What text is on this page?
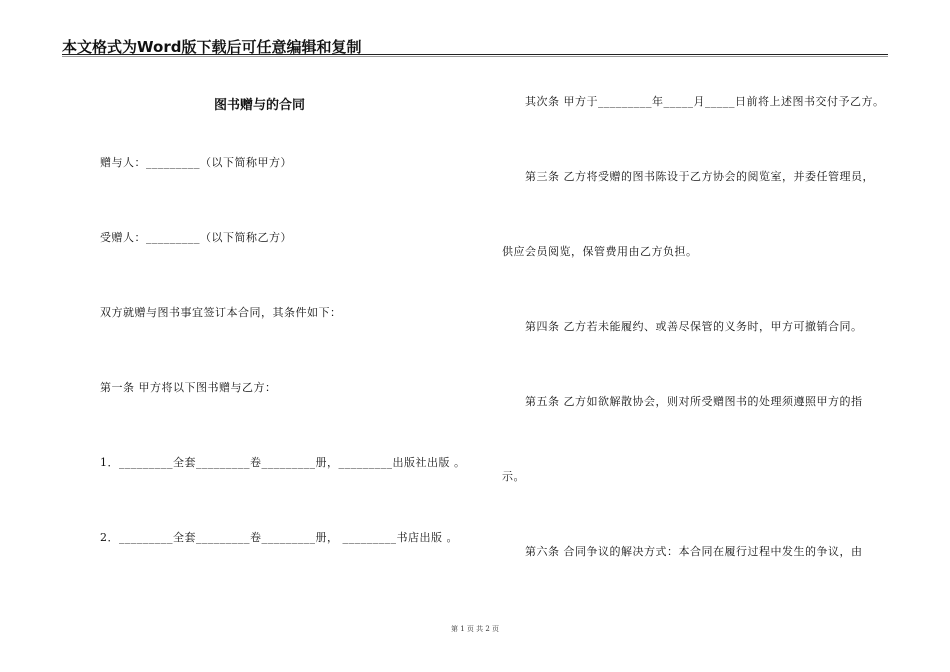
本文格式为Word版下载后可任意编辑和复制
图书赠与的合同
赠与人：_________（以下简称甲方）
受赠人：_________（以下简称乙方）
双方就赠与图书事宜签订本合同，其条件如下：
第一条 甲方将以下图书赠与乙方：
1．_________全套_________卷_________册，_________出版社出版 。
2．_________全套_________卷_________册， _________书店出版 。
其次条 甲方于_________年_____月_____日前将上述图书交付予乙方。
第三条 乙方将受赠的图书陈设于乙方协会的阅览室，并委任管理员，
供应会员阅览，保管费用由乙方负担。
第四条 乙方若未能履约、或善尽保管的义务时，甲方可撤销合同。
第五条 乙方如欲解散协会，则对所受赠图书的处理须遵照甲方的指
示。
第六条 合同争议的解决方式：本合同在履行过程中发生的争议，由
第 1 页 共 2 页
